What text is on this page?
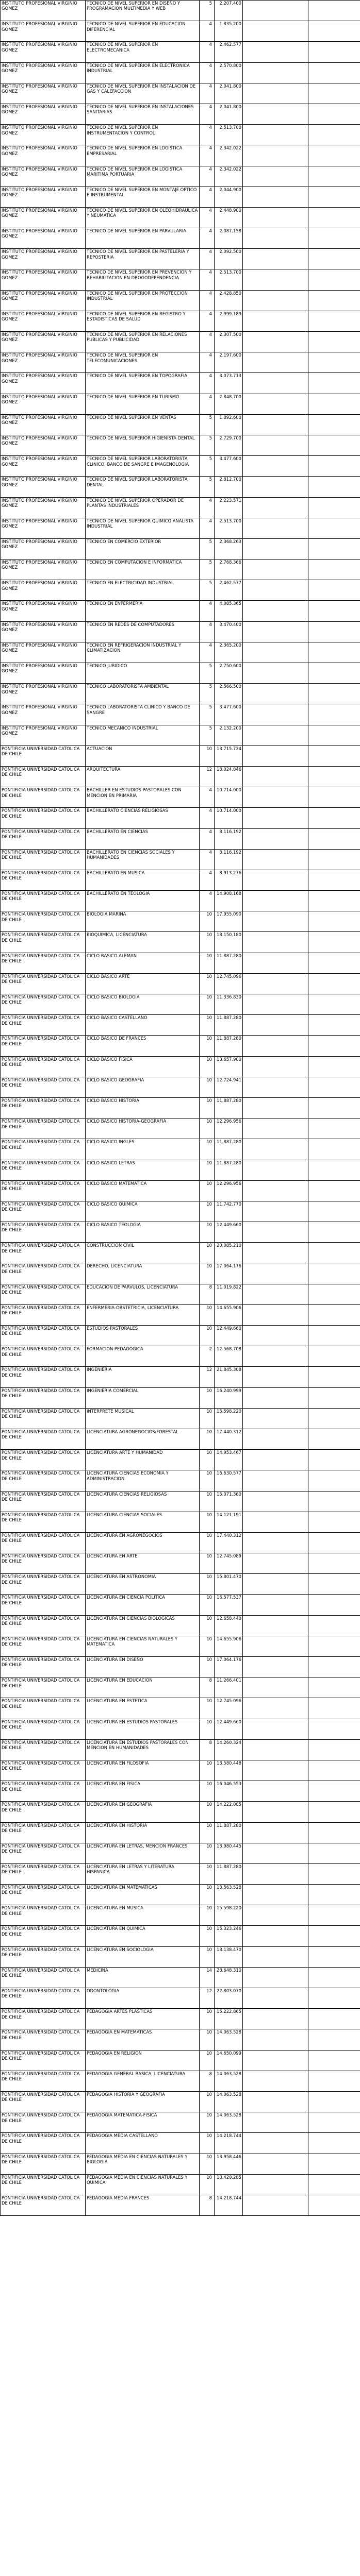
INSTITUTO PROFESIONAL VIRGINIO GOMEZ	TECNICO DE NIVEL SUPERIOR EN DISEÑO Y PROGRAMACION MULTIMEDIA Y WEB	5	2.207.400		
INSTITUTO PROFESIONAL VIRGINIO GOMEZ	TECNICO DE NIVEL SUPERIOR EN EDUCACION DIFERENCIAL	4	1.835.200		
INSTITUTO PROFESIONAL VIRGINIO GOMEZ	TECNICO DE NIVEL SUPERIOR EN ELECTROMECANICA	4	2.462.577		
INSTITUTO PROFESIONAL VIRGINIO GOMEZ	TECNICO DE NIVEL SUPERIOR EN ELECTRONICA INDUSTRIAL	4	2.570.800		
INSTITUTO PROFESIONAL VIRGINIO GOMEZ	TECNICO DE NIVEL SUPERIOR EN INSTALACION DE GAS Y CALEFACCION	4	2.041.800		
INSTITUTO PROFESIONAL VIRGINIO GOMEZ	TECNICO DE NIVEL SUPERIOR EN INSTALACIONES SANITARIAS	4	2.041.800		
INSTITUTO PROFESIONAL VIRGINIO GOMEZ	TECNICO DE NIVEL SUPERIOR EN INSTRUMENTACION Y CONTROL	4	2.513.700		
INSTITUTO PROFESIONAL VIRGINIO GOMEZ	TECNICO DE NIVEL SUPERIOR EN LOGISTICA EMPRESARIAL	4	2.342.022		
INSTITUTO PROFESIONAL VIRGINIO GOMEZ	TECNICO DE NIVEL SUPERIOR EN LOGISTICA MARITIMA PORTUARIA	4	2.342.022		
INSTITUTO PROFESIONAL VIRGINIO GOMEZ	TECNICO DE NIVEL SUPERIOR EN MONTAJE OPTICO E INSTRUMENTAL	4	2.044.900		
INSTITUTO PROFESIONAL VIRGINIO GOMEZ	TECNICO DE NIVEL SUPERIOR EN OLEOHIDRAULICA Y NEUMATICA	4	2.448.900		
INSTITUTO PROFESIONAL VIRGINIO GOMEZ	TECNICO DE NIVEL SUPERIOR EN PARVULARIA	4	2.087.158		
INSTITUTO PROFESIONAL VIRGINIO GOMEZ	TECNICO DE NIVEL SUPERIOR EN PASTELERIA Y REPOSTERIA	4	2.092.500		
INSTITUTO PROFESIONAL VIRGINIO GOMEZ	TECNICO DE NIVEL SUPERIOR EN PREVENCION Y REHABILITACION EN DROGODEPENDENCIA	4	2.513.700		
INSTITUTO PROFESIONAL VIRGINIO GOMEZ	TECNICO DE NIVEL SUPERIOR EN PROTECCION INDUSTRIAL	4	2.428.850		
INSTITUTO PROFESIONAL VIRGINIO GOMEZ	TECNICO DE NIVEL SUPERIOR EN REGISTRO Y ESTADISTICAS DE SALUD	4	2.999.189		
INSTITUTO PROFESIONAL VIRGINIO GOMEZ	TECNICO DE NIVEL SUPERIOR EN RELACIONES PUBLICAS Y PUBLICIDAD	4	2.307.500		
INSTITUTO PROFESIONAL VIRGINIO GOMEZ	TECNICO DE NIVEL SUPERIOR EN TELECOMUNICACIONES	4	2.197.600		
INSTITUTO PROFESIONAL VIRGINIO GOMEZ	TECNICO DE NIVEL SUPERIOR EN TOPOGRAFIA	4	3.073.713		
INSTITUTO PROFESIONAL VIRGINIO GOMEZ	TECNICO DE NIVEL SUPERIOR EN TURISMO	4	2.848.700		
INSTITUTO PROFESIONAL VIRGINIO GOMEZ	TECNICO DE NIVEL SUPERIOR EN VENTAS	5	1.892.600		
INSTITUTO PROFESIONAL VIRGINIO GOMEZ	TECNICO DE NIVEL SUPERIOR HIGIENISTA DENTAL	5	2.729.700		
INSTITUTO PROFESIONAL VIRGINIO GOMEZ	TECNICO DE NIVEL SUPERIOR LABORATORISTA CLINICO, BANCO DE SANGRE E IMAGENOLOGIA	5	3.477.600		
INSTITUTO PROFESIONAL VIRGINIO GOMEZ	TECNICO DE NIVEL SUPERIOR LABORATORISTA DENTAL	5	2.812.700		
INSTITUTO PROFESIONAL VIRGINIO GOMEZ	TECNICO DE NIVEL SUPERIOR OPERADOR DE PLANTAS INDUSTRIALES	4	2.223.571		
INSTITUTO PROFESIONAL VIRGINIO GOMEZ	TECNICO DE NIVEL SUPERIOR QUIMICO ANALISTA INDUSTRIAL	4	2.513.700		
INSTITUTO PROFESIONAL VIRGINIO GOMEZ	TECNICO EN COMERCIO EXTERIOR	5	2.368.263		
INSTITUTO PROFESIONAL VIRGINIO GOMEZ	TECNICO EN COMPUTACION E INFORMATICA	5	2.768.366		
INSTITUTO PROFESIONAL VIRGINIO GOMEZ	TECNICO EN ELECTRICIDAD INDUSTRIAL	5	2.462.577		
INSTITUTO PROFESIONAL VIRGINIO GOMEZ	TECNICO EN ENFERMERIA	4	4.085.365		
INSTITUTO PROFESIONAL VIRGINIO GOMEZ	TECNICO EN REDES DE COMPUTADORES	4	3.470.400		
INSTITUTO PROFESIONAL VIRGINIO GOMEZ	TECNICO EN REFRIGERACION INDUSTRIAL Y CLIMATIZACION	4	2.365.200		
INSTITUTO PROFESIONAL VIRGINIO GOMEZ	TECNICO JURIDICO	5	2.750.600		
INSTITUTO PROFESIONAL VIRGINIO GOMEZ	TECNICO LABORATORISTA AMBIENTAL	5	2.566.500		
INSTITUTO PROFESIONAL VIRGINIO GOMEZ	TECNICO LABORATORISTA CLINICO Y BANCO DE SANGRE	5	3.477.600		
INSTITUTO PROFESIONAL VIRGINIO GOMEZ	TECNICO MECANICO INDUSTRIAL	5	2.132.200		
PONTIFICIA UNIVERSIDAD CATOLICA DE CHILE	ACTUACION	10	13.715.724		
PONTIFICIA UNIVERSIDAD CATOLICA DE CHILE	ARQUITECTURA	12	18.024.846		
PONTIFICIA UNIVERSIDAD CATOLICA DE CHILE	BACHILLER EN ESTUDIOS PASTORALES CON MENCION EN PRIMARIA	4	10.714.000		
PONTIFICIA UNIVERSIDAD CATOLICA DE CHILE	BACHILLERATO CIENCIAS RELIGIOSAS	4	10.714.000		
PONTIFICIA UNIVERSIDAD CATOLICA DE CHILE	BACHILLERATO EN CIENCIAS	4	8.116.192		
PONTIFICIA UNIVERSIDAD CATOLICA DE CHILE	BACHILLERATO EN CIENCIAS SOCIALES Y HUMANIDADES	4	8.116.192		
PONTIFICIA UNIVERSIDAD CATOLICA DE CHILE	BACHILLERATO EN MUSICA	4	8.913.276		
PONTIFICIA UNIVERSIDAD CATOLICA DE CHILE	BACHILLERATO EN TEOLOGIA	4	14.908.168		
PONTIFICIA UNIVERSIDAD CATOLICA DE CHILE	BIOLOGIA MARINA	10	17.955.090		
PONTIFICIA UNIVERSIDAD CATOLICA DE CHILE	BIOQUIMICA, LICENCIATURA	10	18.150.180		
PONTIFICIA UNIVERSIDAD CATOLICA DE CHILE	CICLO BASICO ALEMAN	10	11.887.280		
PONTIFICIA UNIVERSIDAD CATOLICA DE CHILE	CICLO BASICO ARTE	10	12.745.096		
PONTIFICIA UNIVERSIDAD CATOLICA DE CHILE	CICLO BASICO BIOLOGIA	10	11.336.830		
PONTIFICIA UNIVERSIDAD CATOLICA DE CHILE	CICLO BASICO CASTELLANO	10	11.887.280		
PONTIFICIA UNIVERSIDAD CATOLICA DE CHILE	CICLO BASICO DE FRANCES	10	11.887.280		
PONTIFICIA UNIVERSIDAD CATOLICA DE CHILE	CICLO BASICO FISICA	10	13.657.900		
PONTIFICIA UNIVERSIDAD CATOLICA DE CHILE	CICLO BASICO GEOGRAFIA	10	12.724.941		
PONTIFICIA UNIVERSIDAD CATOLICA DE CHILE	CICLO BASICO HISTORIA	10	11.887.280		
PONTIFICIA UNIVERSIDAD CATOLICA DE CHILE	CICLO BASICO HISTORIA-GEOGRAFIA	10	12.296.956		
PONTIFICIA UNIVERSIDAD CATOLICA DE CHILE	CICLO BASICO INGLES	10	11.887.280		
PONTIFICIA UNIVERSIDAD CATOLICA DE CHILE	CICLO BASICO LETRAS	10	11.887.280		
PONTIFICIA UNIVERSIDAD CATOLICA DE CHILE	CICLO BASICO MATEMATICA	10	12.296.956		
PONTIFICIA UNIVERSIDAD CATOLICA DE CHILE	CICLO BASICO QUIMICA	10	11.742.770		
PONTIFICIA UNIVERSIDAD CATOLICA DE CHILE	CICLO BASICO TEOLOGIA	10	12.449.660		
PONTIFICIA UNIVERSIDAD CATOLICA DE CHILE	CONSTRUCCION CIVIL	10	20.085.210		
PONTIFICIA UNIVERSIDAD CATOLICA DE CHILE	DERECHO, LICENCIATURA	10	17.064.176		
PONTIFICIA UNIVERSIDAD CATOLICA DE CHILE	EDUCACION DE PARVULOS, LICENCIATURA	8	11.019.822		
PONTIFICIA UNIVERSIDAD CATOLICA DE CHILE	ENFERMERIA-OBSTETRICIA, LICENCIATURA	10	14.655.906		
PONTIFICIA UNIVERSIDAD CATOLICA DE CHILE	ESTUDIOS PASTORALES	10	12.449.660		
PONTIFICIA UNIVERSIDAD CATOLICA DE CHILE	FORMACION PEDAGOGICA	2	12.568.708		
PONTIFICIA UNIVERSIDAD CATOLICA DE CHILE	INGENIERIA	12	21.845.308		
PONTIFICIA UNIVERSIDAD CATOLICA DE CHILE	INGENIERIA COMERCIAL	10	16.240.999		
PONTIFICIA UNIVERSIDAD CATOLICA DE CHILE	INTERPRETE MUSICAL	10	15.598.220		
PONTIFICIA UNIVERSIDAD CATOLICA DE CHILE	LICENCIATURA AGRONEGOCIOS/FORESTAL	10	17.440.312		
PONTIFICIA UNIVERSIDAD CATOLICA DE CHILE	LICENCIATURA ARTE Y HUMANIDAD	10	14.953.467		
PONTIFICIA UNIVERSIDAD CATOLICA DE CHILE	LICENCIATURA CIENCIAS ECONOMIA Y ADMINISTRACION	10	16.630.577		
PONTIFICIA UNIVERSIDAD CATOLICA DE CHILE	LICENCIATURA CIENCIAS RELIGIOSAS	10	15.071.360		
PONTIFICIA UNIVERSIDAD CATOLICA DE CHILE	LICENCIATURA CIENCIAS SOCIALES	10	14.121.191		
PONTIFICIA UNIVERSIDAD CATOLICA DE CHILE	LICENCIATURA EN AGRONEGOCIOS	10	17.440.312		
PONTIFICIA UNIVERSIDAD CATOLICA DE CHILE	LICENCIATURA EN ARTE	10	12.745.089		
PONTIFICIA UNIVERSIDAD CATOLICA DE CHILE	LICENCIATURA EN ASTRONOMIA	10	15.801.470		
PONTIFICIA UNIVERSIDAD CATOLICA DE CHILE	LICENCIATURA EN CIENCIA POLITICA	10	16.577.537		
PONTIFICIA UNIVERSIDAD CATOLICA DE CHILE	LICENCIATURA EN CIENCIAS BIOLOGICAS	10	12.658.440		
PONTIFICIA UNIVERSIDAD CATOLICA DE CHILE	LICENCIATURA EN CIENCIAS NATURALES Y MATEMATICA	10	14.655.906		
PONTIFICIA UNIVERSIDAD CATOLICA DE CHILE	LICENCIATURA EN DISEÑO	10	17.064.176		
PONTIFICIA UNIVERSIDAD CATOLICA DE CHILE	LICENCIATURA EN EDUCACION	8	11.266.401		
PONTIFICIA UNIVERSIDAD CATOLICA DE CHILE	LICENCIATURA EN ESTETICA	10	12.745.096		
PONTIFICIA UNIVERSIDAD CATOLICA DE CHILE	LICENCIATURA EN ESTUDIOS PASTORALES	10	12.449.660		
PONTIFICIA UNIVERSIDAD CATOLICA DE CHILE	LICENCIATURA EN ESTUDIOS PASTORALES CON MENCION EN HUMANIDADES	8	14.260.324		
PONTIFICIA UNIVERSIDAD CATOLICA DE CHILE	LICENCIATURA EN FILOSOFIA	10	13.580.448		
PONTIFICIA UNIVERSIDAD CATOLICA DE CHILE	LICENCIATURA EN FISICA	10	16.046.553		
PONTIFICIA UNIVERSIDAD CATOLICA DE CHILE	LICENCIATURA EN GEOGRAFIA	10	14.222.085		
PONTIFICIA UNIVERSIDAD CATOLICA DE CHILE	LICENCIATURA EN HISTORIA	10	11.887.280		
PONTIFICIA UNIVERSIDAD CATOLICA DE CHILE	LICENCIATURA EN LETRAS, MENCION FRANCES	10	13.980.445		
PONTIFICIA UNIVERSIDAD CATOLICA DE CHILE	LICENCIATURA EN LETRAS Y LITERATURA HISPANICA	10	11.887.280		
PONTIFICIA UNIVERSIDAD CATOLICA DE CHILE	LICENCIATURA EN MATEMATICAS	10	13.563.528		
PONTIFICIA UNIVERSIDAD CATOLICA DE CHILE	LICENCIATURA EN MUSICA	10	15.598.220		
PONTIFICIA UNIVERSIDAD CATOLICA DE CHILE	LICENCIATURA EN QUIMICA	10	15.323.246		
PONTIFICIA UNIVERSIDAD CATOLICA DE CHILE	LICENCIATURA EN SOCIOLOGIA	10	18.138.470		
PONTIFICIA UNIVERSIDAD CATOLICA DE CHILE	MEDICINA	14	28.648.310		
PONTIFICIA UNIVERSIDAD CATOLICA DE CHILE	ODONTOLOGIA	12	22.803.070		
PONTIFICIA UNIVERSIDAD CATOLICA DE CHILE	PEDAGOGIA ARTES PLASTICAS	10	15.222.865		
PONTIFICIA UNIVERSIDAD CATOLICA DE CHILE	PEDAGOGIA EN MATEMATICAS	10	14.063.528		
PONTIFICIA UNIVERSIDAD CATOLICA DE CHILE	PEDAGOGIA EN RELIGION	10	14.650.099		
PONTIFICIA UNIVERSIDAD CATOLICA DE CHILE	PEDAGOGIA GENERAL BASICA, LICENCIATURA	8	14.063.528		
PONTIFICIA UNIVERSIDAD CATOLICA DE CHILE	PEDAGOGIA HISTORIA Y GEOGRAFIA	10	14.063.528		
PONTIFICIA UNIVERSIDAD CATOLICA DE CHILE	PEDAGOGIA MATEMATICA-FISICA	10	14.063.528		
PONTIFICIA UNIVERSIDAD CATOLICA DE CHILE	PEDAGOGIA MEDIA CASTELLANO	10	14.218.744		
PONTIFICIA UNIVERSIDAD CATOLICA DE CHILE	PEDAGOGIA MEDIA EN CIENCIAS NATURALES Y BIOLOGIA	10	13.958.446		
PONTIFICIA UNIVERSIDAD CATOLICA DE CHILE	PEDAGOGIA MEDIA EN CIENCIAS NATURALES Y QUIMICA	10	13.420.285		
PONTIFICIA UNIVERSIDAD CATOLICA DE CHILE	PEDAGOGIA MEDIA FRANCES	8	14.218.744		
